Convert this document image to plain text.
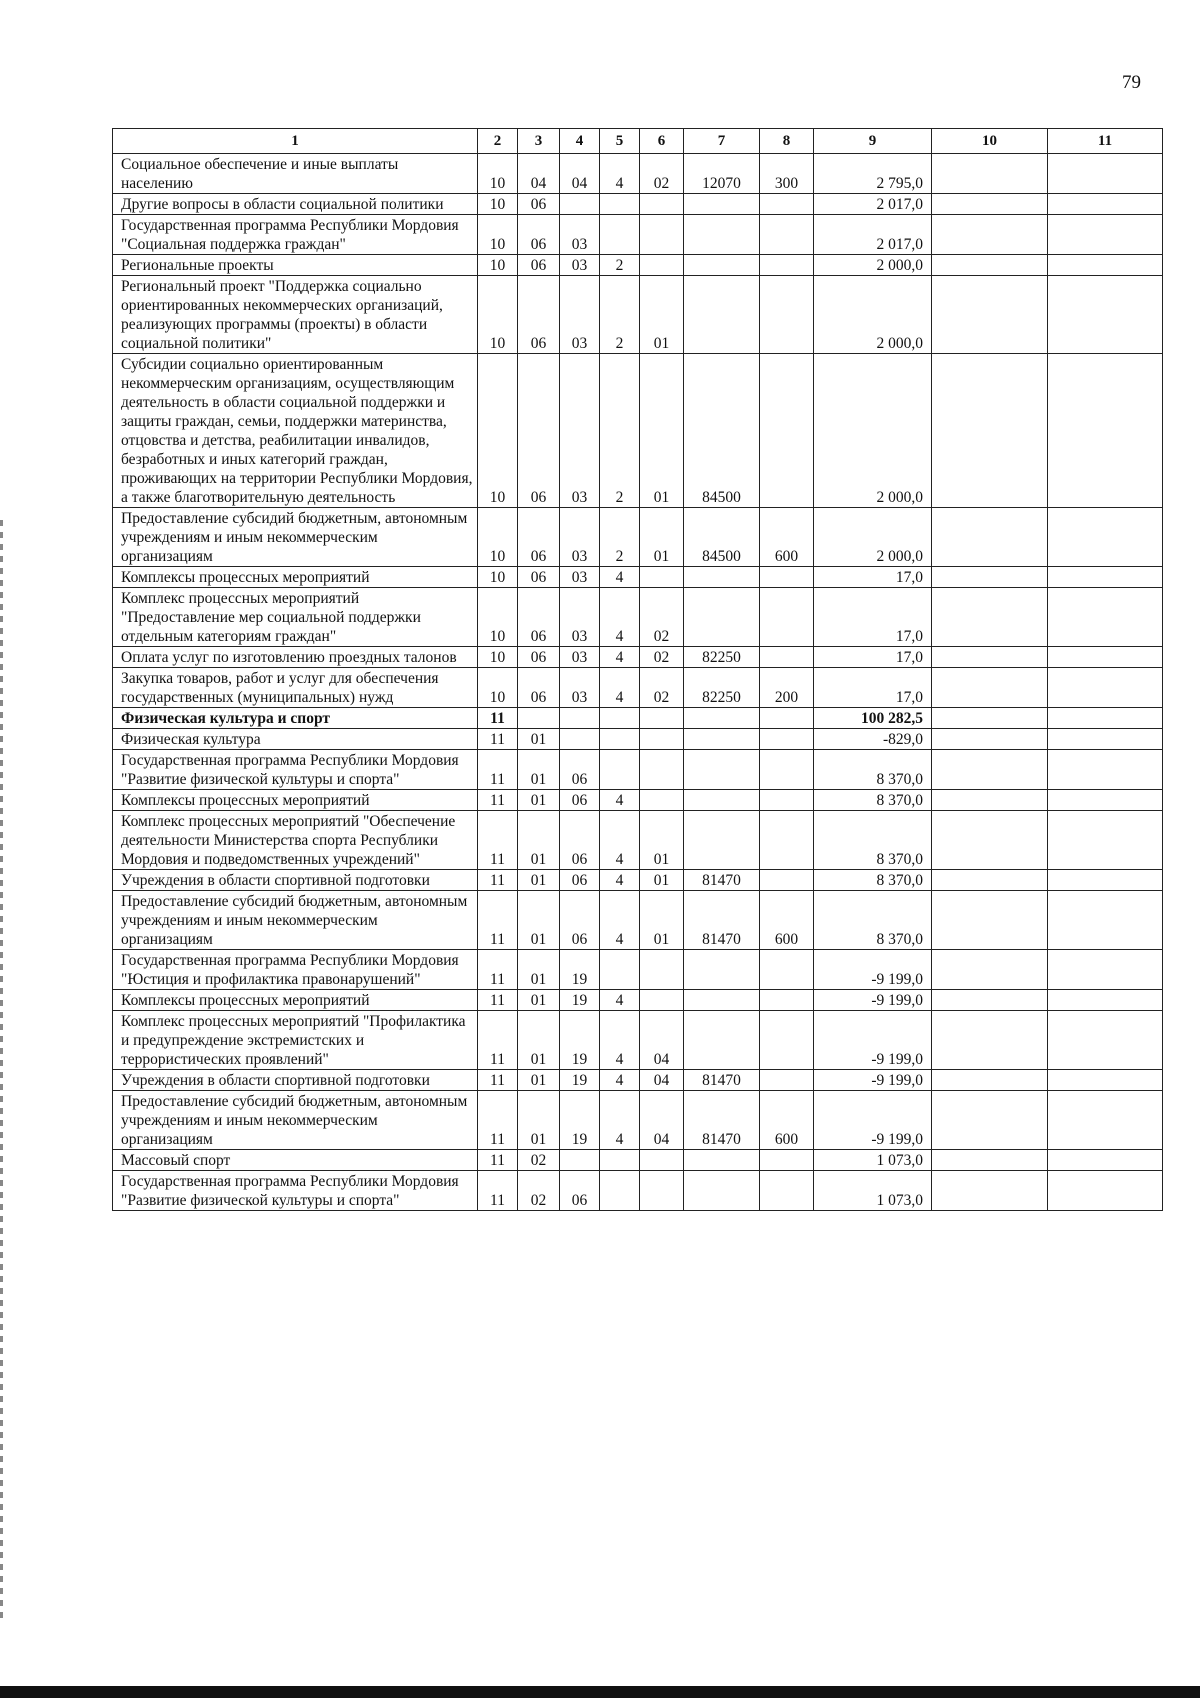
79
1	2	3	4	5	6	7	8	9	10	11
Социальное обеспечение и иные выплаты населению	10	04	04	4	02	12070	300	2 795,0		
Другие вопросы в области социальной политики	10	06						2 017,0		
Государственная программа Республики Мордовия "Социальная поддержка граждан"	10	06	03					2 017,0		
Региональные проекты	10	06	03	2				2 000,0		
Региональный проект "Поддержка социально ориентированных некоммерческих организаций, реализующих программы (проекты) в области социальной политики"	10	06	03	2	01			2 000,0		
Субсидии социально ориентированным некоммерческим организациям, осуществляющим деятельность в области социальной поддержки и защиты граждан, семьи, поддержки материнства, отцовства и детства, реабилитации инвалидов, безработных и иных категорий граждан, проживающих на территории Республики Мордовия, а также благотворительную деятельность	10	06	03	2	01	84500		2 000,0		
Предоставление субсидий бюджетным, автономным учреждениям и иным некоммерческим организациям	10	06	03	2	01	84500	600	2 000,0		
Комплексы процессных мероприятий	10	06	03	4				17,0		
Комплекс процессных мероприятий "Предоставление мер социальной поддержки отдельным категориям граждан"	10	06	03	4	02			17,0		
Оплата услуг по изготовлению проездных талонов	10	06	03	4	02	82250		17,0		
Закупка товаров, работ и услуг для обеспечения государственных (муниципальных) нужд	10	06	03	4	02	82250	200	17,0		
Физическая культура и спорт	11							100 282,5		
Физическая культура	11	01						-829,0		
Государственная программа Республики Мордовия "Развитие физической культуры и спорта"	11	01	06					8 370,0		
Комплексы процессных мероприятий	11	01	06	4				8 370,0		
Комплекс процессных мероприятий "Обеспечение деятельности Министерства спорта Республики Мордовия и подведомственных учреждений"	11	01	06	4	01			8 370,0		
Учреждения в области спортивной подготовки	11	01	06	4	01	81470		8 370,0		
Предоставление субсидий бюджетным, автономным учреждениям и иным некоммерческим организациям	11	01	06	4	01	81470	600	8 370,0		
Государственная программа Республики Мордовия "Юстиция и профилактика правонарушений"	11	01	19					-9 199,0		
Комплексы процессных мероприятий	11	01	19	4				-9 199,0		
Комплекс процессных мероприятий "Профилактика и предупреждение экстремистских и террористических проявлений"	11	01	19	4	04			-9 199,0		
Учреждения в области спортивной подготовки	11	01	19	4	04	81470		-9 199,0		
Предоставление субсидий бюджетным, автономным учреждениям и иным некоммерческим организациям	11	01	19	4	04	81470	600	-9 199,0		
Массовый спорт	11	02						1 073,0		
Государственная программа Республики Мордовия "Развитие физической культуры и спорта"	11	02	06					1 073,0		
